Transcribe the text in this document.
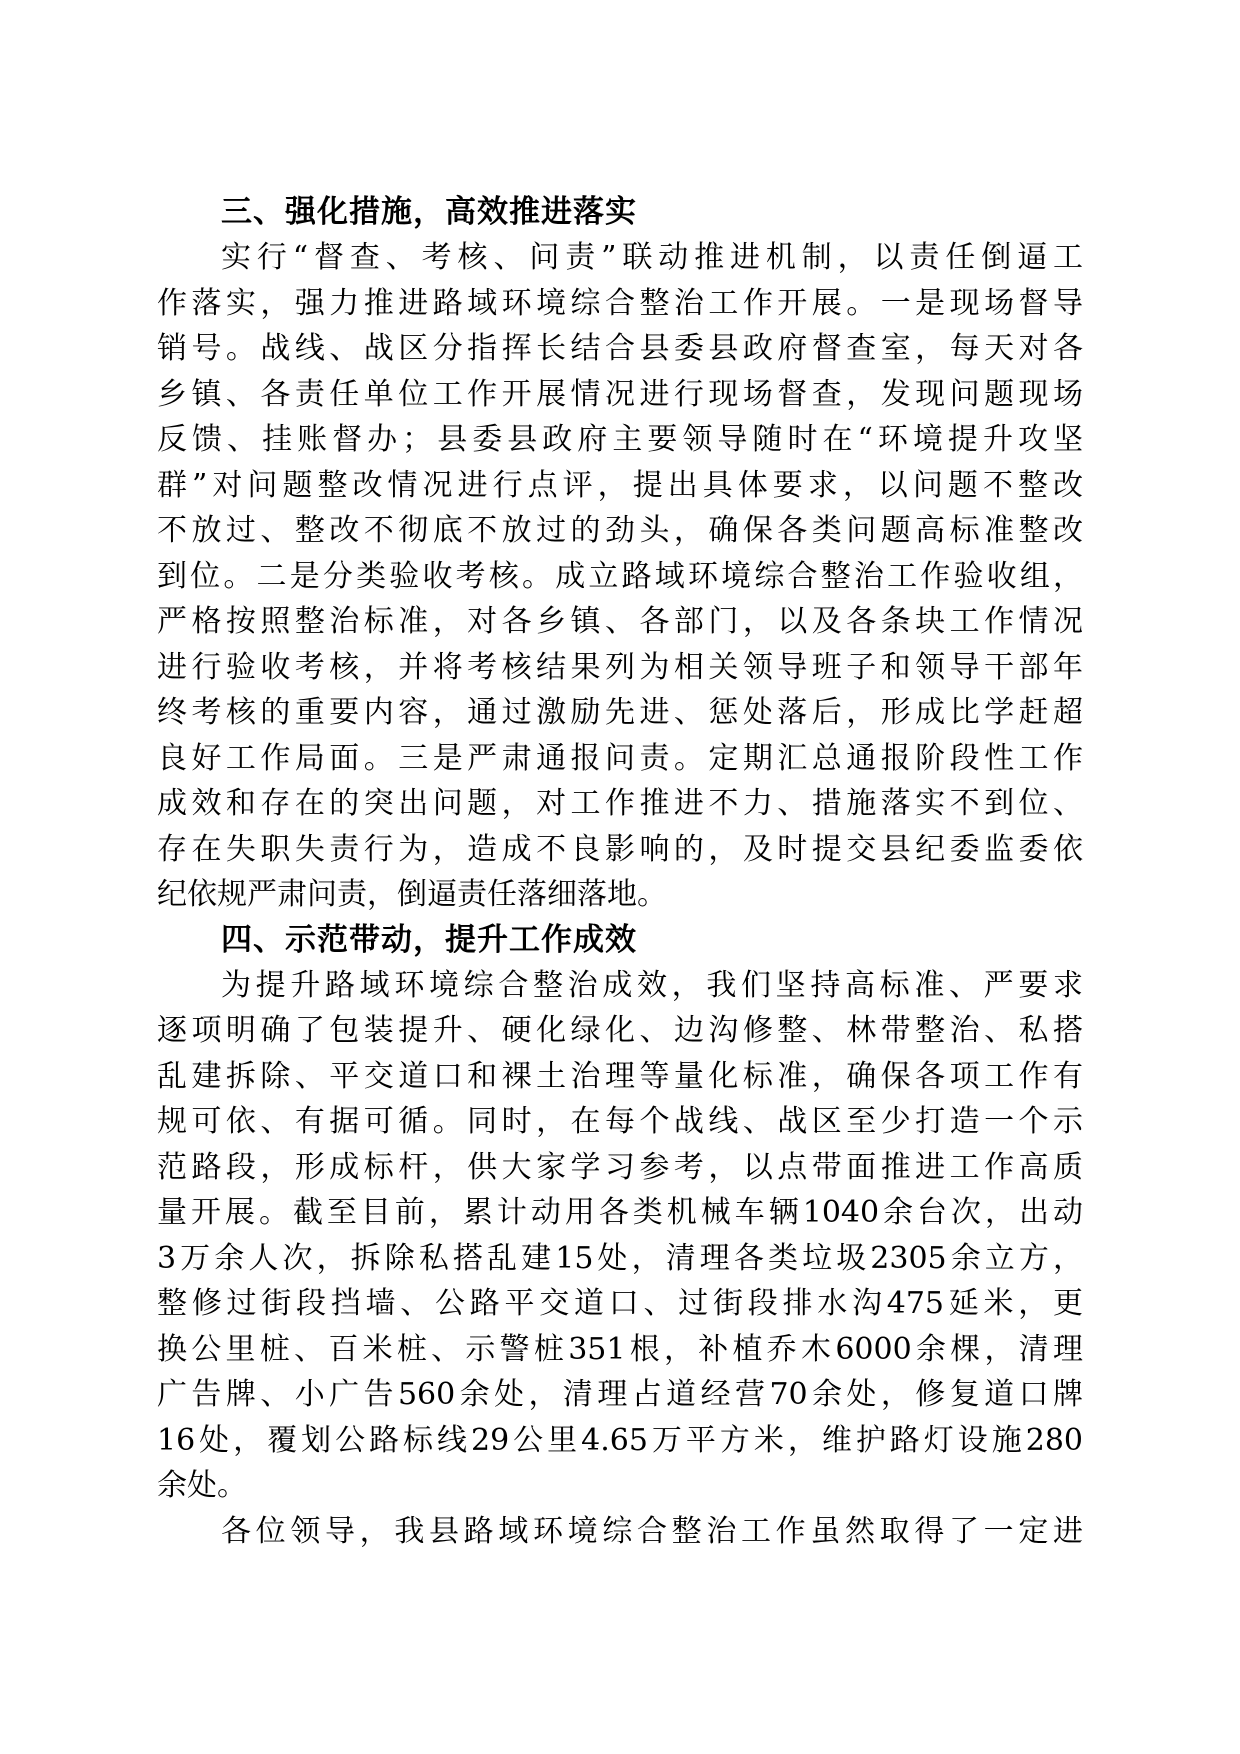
三、强化措施，高效推进落实
实行“督查、考核、问责”联动推进机制，以责任倒逼工
作落实，强力推进路域环境综合整治工作开展。一是现场督导
销号。战线、战区分指挥长结合县委县政府督查室，每天对各
乡镇、各责任单位工作开展情况进行现场督查，发现问题现场
反馈、挂账督办；县委县政府主要领导随时在“环境提升攻坚
群”对问题整改情况进行点评，提出具体要求，以问题不整改
不放过、整改不彻底不放过的劲头，确保各类问题高标准整改
到位。二是分类验收考核。成立路域环境综合整治工作验收组，
严格按照整治标准，对各乡镇、各部门，以及各条块工作情况
进行验收考核，并将考核结果列为相关领导班子和领导干部年
终考核的重要内容，通过激励先进、惩处落后，形成比学赶超
良好工作局面。三是严肃通报问责。定期汇总通报阶段性工作
成效和存在的突出问题，对工作推进不力、措施落实不到位、
存在失职失责行为，造成不良影响的，及时提交县纪委监委依
纪依规严肃问责，倒逼责任落细落地。
四、示范带动，提升工作成效
为提升路域环境综合整治成效，我们坚持高标准、严要求
逐项明确了包装提升、硬化绿化、边沟修整、林带整治、私搭
乱建拆除、平交道口和裸土治理等量化标准，确保各项工作有
规可依、有据可循。同时，在每个战线、战区至少打造一个示
范路段，形成标杆，供大家学习参考，以点带面推进工作高质
量开展。截至目前，累计动用各类机械车辆1040余台次，出动
3万余人次，拆除私搭乱建15处，清理各类垃圾2305余立方，
整修过街段挡墙、公路平交道口、过街段排水沟475延米，更
换公里桩、百米桩、示警桩351根，补植乔木6000余棵，清理
广告牌、小广告560余处，清理占道经营70余处，修复道口牌
16处，覆划公路标线29公里4.65万平方米，维护路灯设施280
余处。
各位领导，我县路域环境综合整治工作虽然取得了一定进
